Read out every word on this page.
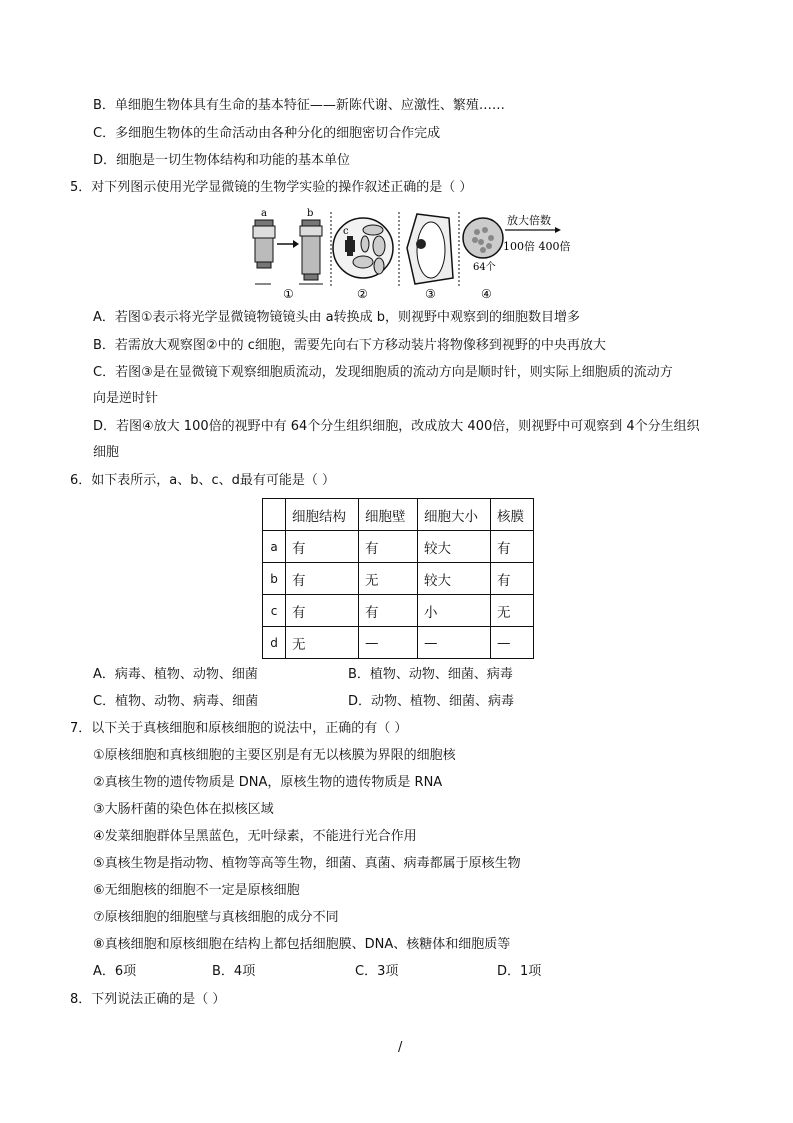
B．单细胞生物体具有生命的基本特征——新陈代谢、应激性、繁殖……
C．多细胞生物体的生命活动由各种分化的细胞密切合作完成
D．细胞是一切生物体结构和功能的基本单位
5．对下列图示使用光学显微镜的生物学实验的操作叙述正确的是（ ）
a	b
①
c
②	③
64个
放大倍数
100倍 400倍
④
A．若图①表示将光学显微镜物镜镜头由 a转换成 b，则视野中观察到的细胞数目增多
B．若需放大观察图②中的 c细胞，需要先向右下方移动装片将物像移到视野的中央再放大
C．若图③是在显微镜下观察细胞质流动，发现细胞质的流动方向是顺时针，则实际上细胞质的流动方
向是逆时针
D．若图④放大 100倍的视野中有 64个分生组织细胞，改成放大 400倍，则视野中可观察到 4个分生组织
细胞
6．如下表所示，a、b、c、d最有可能是（ ）
	细胞结构	细胞壁	细胞大小	核膜
a	有	有	较大	有
b	有	无	较大	有
c	有	有	小	无
d	无	—	—	—
A．病毒、植物、动物、细菌	B．植物、动物、细菌、病毒
C．植物、动物、病毒、细菌	D．动物、植物、细菌、病毒
7．以下关于真核细胞和原核细胞的说法中，正确的有（ ）
①原核细胞和真核细胞的主要区别是有无以核膜为界限的细胞核
②真核生物的遗传物质是 DNA，原核生物的遗传物质是 RNA
③大肠杆菌的染色体在拟核区域
④发菜细胞群体呈黑蓝色，无叶绿素，不能进行光合作用
⑤真核生物是指动物、植物等高等生物，细菌、真菌、病毒都属于原核生物
⑥无细胞核的细胞不一定是原核细胞
⑦原核细胞的细胞壁与真核细胞的成分不同
⑧真核细胞和原核细胞在结构上都包括细胞膜、DNA、核糖体和细胞质等
A．6项	B．4项	C．3项	D．1项
8．下列说法正确的是（ ）
/
